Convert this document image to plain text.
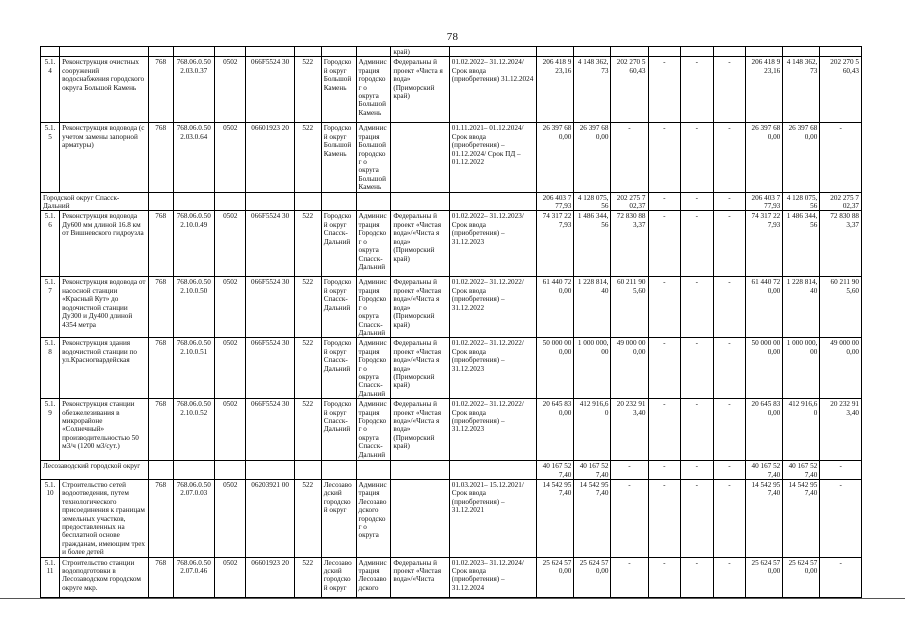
78
									край)										
5.1.4	Реконструкция очистных сооружений водоснабжения городского округа Большой Камень	768	768.06.0.502.03.0.37	0502	066F5524 30	522	Городско й округ Большой Камень	Админис трация городског о округа Большой Камень	Федеральны й проект «Чиста я вода» (Приморский край)	01.02.2022– 31.12.2024/ Срок ввода (приобретения) 31.12.2024	206 418 9 23,16	4 148 362, 73	202 270 5 60,43	-	-	-	206 418 9 23,16	4 148 362, 73	202 270 5 60,43
5.1.5	Реконструкция водовода (с учетом замены запорной арматуры)	768	768.06.0.502.03.0.64	0502	06601923 20	522	Городско й округ Большой Камень	Админис трация Большой городског о округа Большой Камень		01.11.2021– 01.12.2024/ Срок ввода (приобретения) – 01.12.2024/ Срок ПД – 01.12.2022	26 397 68 0,00	26 397 68 0,00	-	-	-	-	26 397 68 0,00	26 397 68 0,00	-
Городской округ Спасск-Дальний											206 403 7 77,93	4 128 075, 56	202 275 7 02,37	-	-	-	206 403 7 77,93	4 128 075, 56	202 275 7 02,37
5.1.6	Реконструкция водовода Ду600 мм длиной 16.8 км от Вишневского гидроузла	768	768.06.0.502.10.0.49	0502	066F5524 30	522	Городско й округ Спасск-Дальний	Админис трация Городског о округа Спасск-Дальний	Федеральны й проект «Чистая вода»/«Чиста я вода» (Приморский край)	01.02.2022– 31.12.2023/ Срок ввода (приобретения) – 31.12.2023	74 317 22 7,93	1 486 344, 56	72 830 88 3,37	-	-	-	74 317 22 7,93	1 486 344, 56	72 830 88 3,37
5.1.7	Реконструкция водовода от насосной станции «Красный Кут» до водочистной станции Ду300 и Ду400 длиной 4354 метра	768	768.06.0.502.10.0.50	0502	066F5524 30	522	Городско й округ Спасск-Дальний	Админис трация Городског о округа Спасск-Дальний	Федеральны й проект «Чистая вода»/«Чиста я вода» (Приморский край)	01.02.2022– 31.12.2022/ Срок ввода (приобретения) – 31.12.2022	61 440 72 0,00	1 228 814, 40	60 211 90 5,60	-	-	-	61 440 72 0,00	1 228 814, 40	60 211 90 5,60
5.1.8	Реконструкция здания водочистной станции по ул.Красногвардейская	768	768.06.0.502.10.0.51	0502	066F5524 30	522	Городско й округ Спасск-Дальний	Админис трация Городског о округа Спасск-Дальний	Федеральны й проект «Чистая вода»/«Чиста я вода» (Приморский край)	01.02.2022– 31.12.2022/ Срок ввода (приобретения) – 31.12.2023	50 000 00 0,00	1 000 000, 00	49 000 00 0,00	-	-	-	50 000 00 0,00	1 000 000, 00	49 000 00 0,00
5.1.9	Реконструкция станции обезжелезивания в микрорайоне «Солнечный» производительностью 50 м3/ч (1200 м3/сут.)	768	768.06.0.502.10.0.52	0502	066F5524 30	522	Городско й округ Спасск-Дальний	Админис трация Городског о округа Спасск-Дальний	Федеральны й проект «Чистая вода»/«Чиста я вода» (Приморский край)	01.02.2022– 31.12.2022/ Срок ввода (приобретения) – 31.12.2023	20 645 83 0,00	412 916,6 0	20 232 91 3,40	-	-	-	20 645 83 0,00	412 916,6 0	20 232 91 3,40
Лесозаводский городской округ											40 167 52 7,40	40 167 52 7,40	-	-	-	-	40 167 52 7,40	40 167 52 7,40	-
5.1.10	Строительство сетей водоотведения, путем технологического присоединения к границам земельных участков, предоставленных на бесплатной основе гражданам, имеющим трех и более детей	768	768.06.0.502.07.0.03	0502	06203921 00	522	Лесозаво дский городской округ	Админис трация Лесозаво дского городског о округа		01.03.2021– 15.12.2021/ Срок ввода (приобретения) – 31.12.2021	14 542 95 7,40	14 542 95 7,40	-	-	-	-	14 542 95 7,40	14 542 95 7,40	-
5.1.11	Строительство станции водоподготовки в Лесозаводском городском округе мкр.	768	768.06.0.502.07.0.46	0502	06601923 20	522	Лесозаво дский городской округ	Админис трация Лесозаво дского	Федеральны й проект «Чистая вода»/«Чиста	01.02.2023– 31.12.2024/ Срок ввода (приобретения) – 31.12.2024	25 624 57 0,00	25 624 57 0,00	-	-	-	-	25 624 57 0,00	25 624 57 0,00	-
